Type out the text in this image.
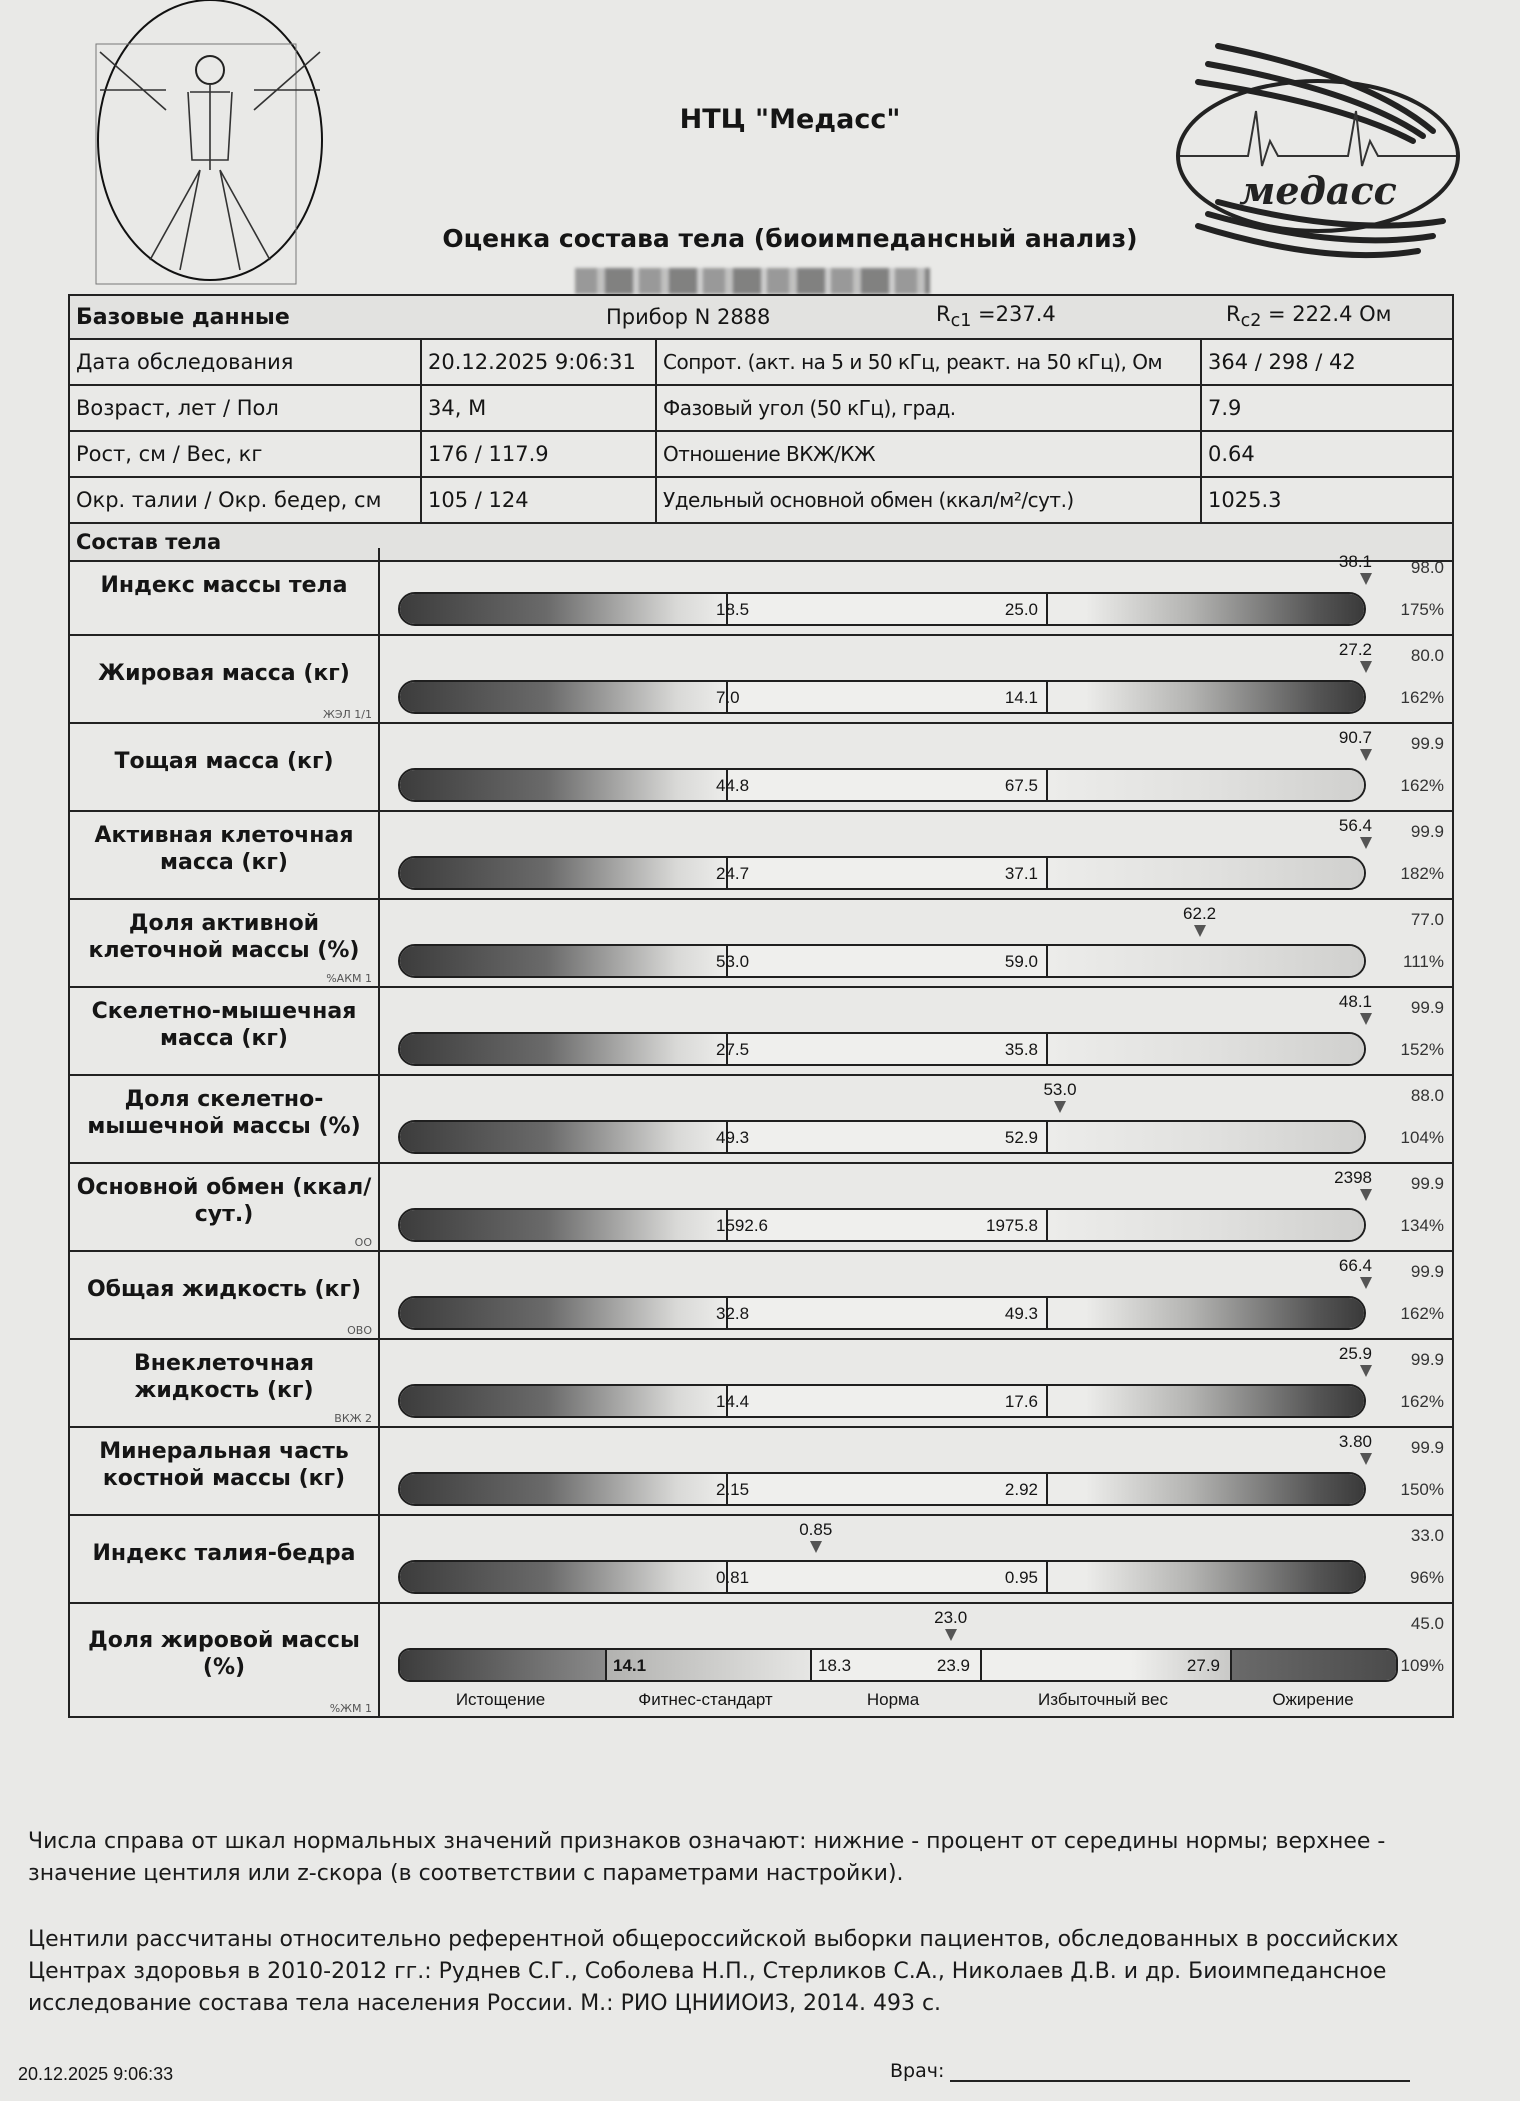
медасс
НТЦ "Медасс"
Оценка состава тела (биоимпедансный анализ)
Базовые данные	Прибор N 2888	$R_{c1} =237.4$	$R_{c2} = 222.4$ Ом
Дата обследования	20.12.2025 9:06:31	Сопрот. (акт. на 5 и 50 кГц, реакт. на 50 кГц), Ом	364 / 298 / 42
Возраст, лет / Пол	34, М	Фазовый угол (50 кГц), град.	7.9
Рост, см / Вес, кг	176 / 117.9	Отношение ВКЖ/КЖ	0.64
Окр. талии / Окр. бедер, см	105 / 124	Удельный основной обмен (ккал/м²/сут.)	1025.3
Состав тела
Индекс массы тела
18.5	25.0
38.1 98.0
175%
Жировая масса (кг)
ЖЭЛ 1/1
7.0	14.1
27.2 80.0
162%
Тощая масса (кг)
44.8	67.5
90.7 99.9
162%
Активная клеточная масса (кг)	24.7	37.1
56.4 99.9
182%
Доля активной клеточной массы (%)
%АКМ 1
53.0	59.0
62.2	77.0
111%
Скелетно-мышечная масса (кг)	27.5	35.8
48.1 99.9
152%
Доля скелетно-мышечной массы (%)	49.3	52.9
53.0	88.0
104%
Основной обмен (ккал/сут.)
ОО
1592.6	1975.8
2398 99.9
134%
Общая жидкость (кг)
ОВО
32.8	49.3
66.4 99.9
162%
Внеклеточная жидкость (кг)
ВКЖ 2
14.4	17.6
25.9 99.9
162%
Минеральная часть костной массы (кг)	2.15	2.92
3.80 99.9
150%
Индекс талия-бедра
0.81	0.95
0.85	33.0
96%
Доля жировой массы (%)
%ЖМ 1
14.1	18.3	23.9	27.9
Истощение	Фитнес-стандарт	Норма	Избыточный вес	Ожирение
23.0	45.0
109%
Числа справа от шкал нормальных значений признаков означают: нижние - процент от середины нормы; верхнее - значение центиля или z-скора (в соответствии с параметрами настройки).
Центили рассчитаны относительно референтной общероссийской выборки пациентов, обследованных в российских Центрах здоровья в 2010-2012 гг.: Руднев С.Г., Соболева Н.П., Стерликов С.А., Николаев Д.В. и др. Биоимпедансное исследование состава тела населения России. М.: РИО ЦНИИОИЗ, 2014. 493 с.
20.12.2025 9:06:33	Врач:
